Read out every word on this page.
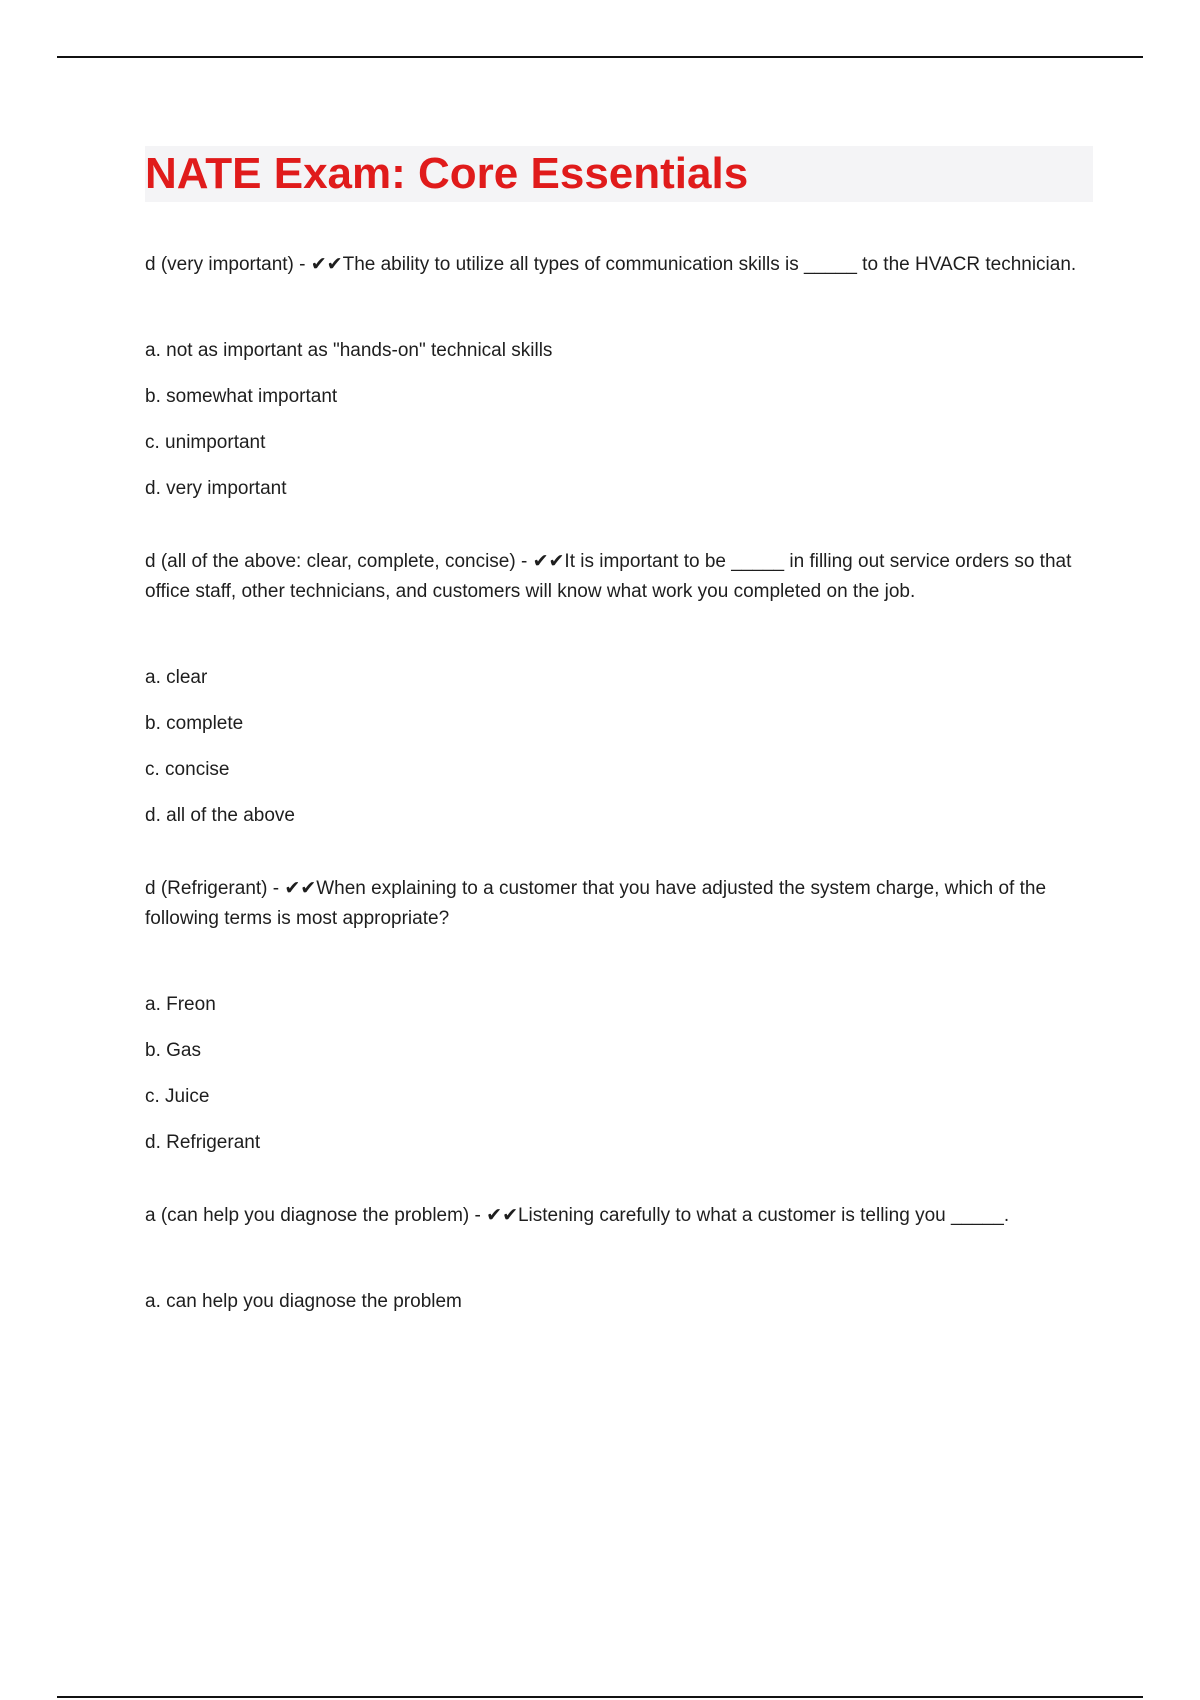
NATE Exam: Core Essentials
d (very important) - ✔✔The ability to utilize all types of communication skills is _____ to the HVACR technician.
a. not as important as "hands-on" technical skills
b. somewhat important
c. unimportant
d. very important
d (all of the above: clear, complete, concise) - ✔✔It is important to be _____ in filling out service orders so that office staff, other technicians, and customers will know what work you completed on the job.
a. clear
b. complete
c. concise
d. all of the above
d (Refrigerant) - ✔✔When explaining to a customer that you have adjusted the system charge, which of the following terms is most appropriate?
a. Freon
b. Gas
c. Juice
d. Refrigerant
a (can help you diagnose the problem) - ✔✔Listening carefully to what a customer is telling you _____.
a. can help you diagnose the problem
